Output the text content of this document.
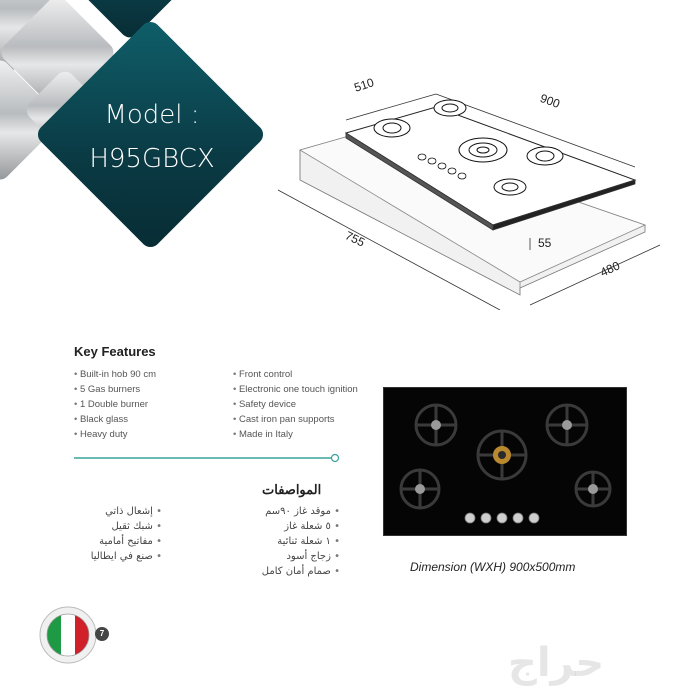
Model :
H95GBCX
510
900
55
755
480
Key Features
• Built-in hob 90 cm
• 5 Gas burners
• 1 Double burner
• Black glass
• Heavy duty
• Front control
• Electronic one touch ignition
• Safety device
• Cast iron pan supports
• Made in Italy
المواصفات
• موقد غاز ٩٠سم
• ٥ شعلة غاز
• ١ شعلة ثنائية
• زجاج أسود
• صمام أمان كامل
• إشعال ذاتي
• شبك ثقيل
• مفاتيح أمامية
• صنع في ايطاليا
Dimension (WXH) 900x500mm
7
حراج
